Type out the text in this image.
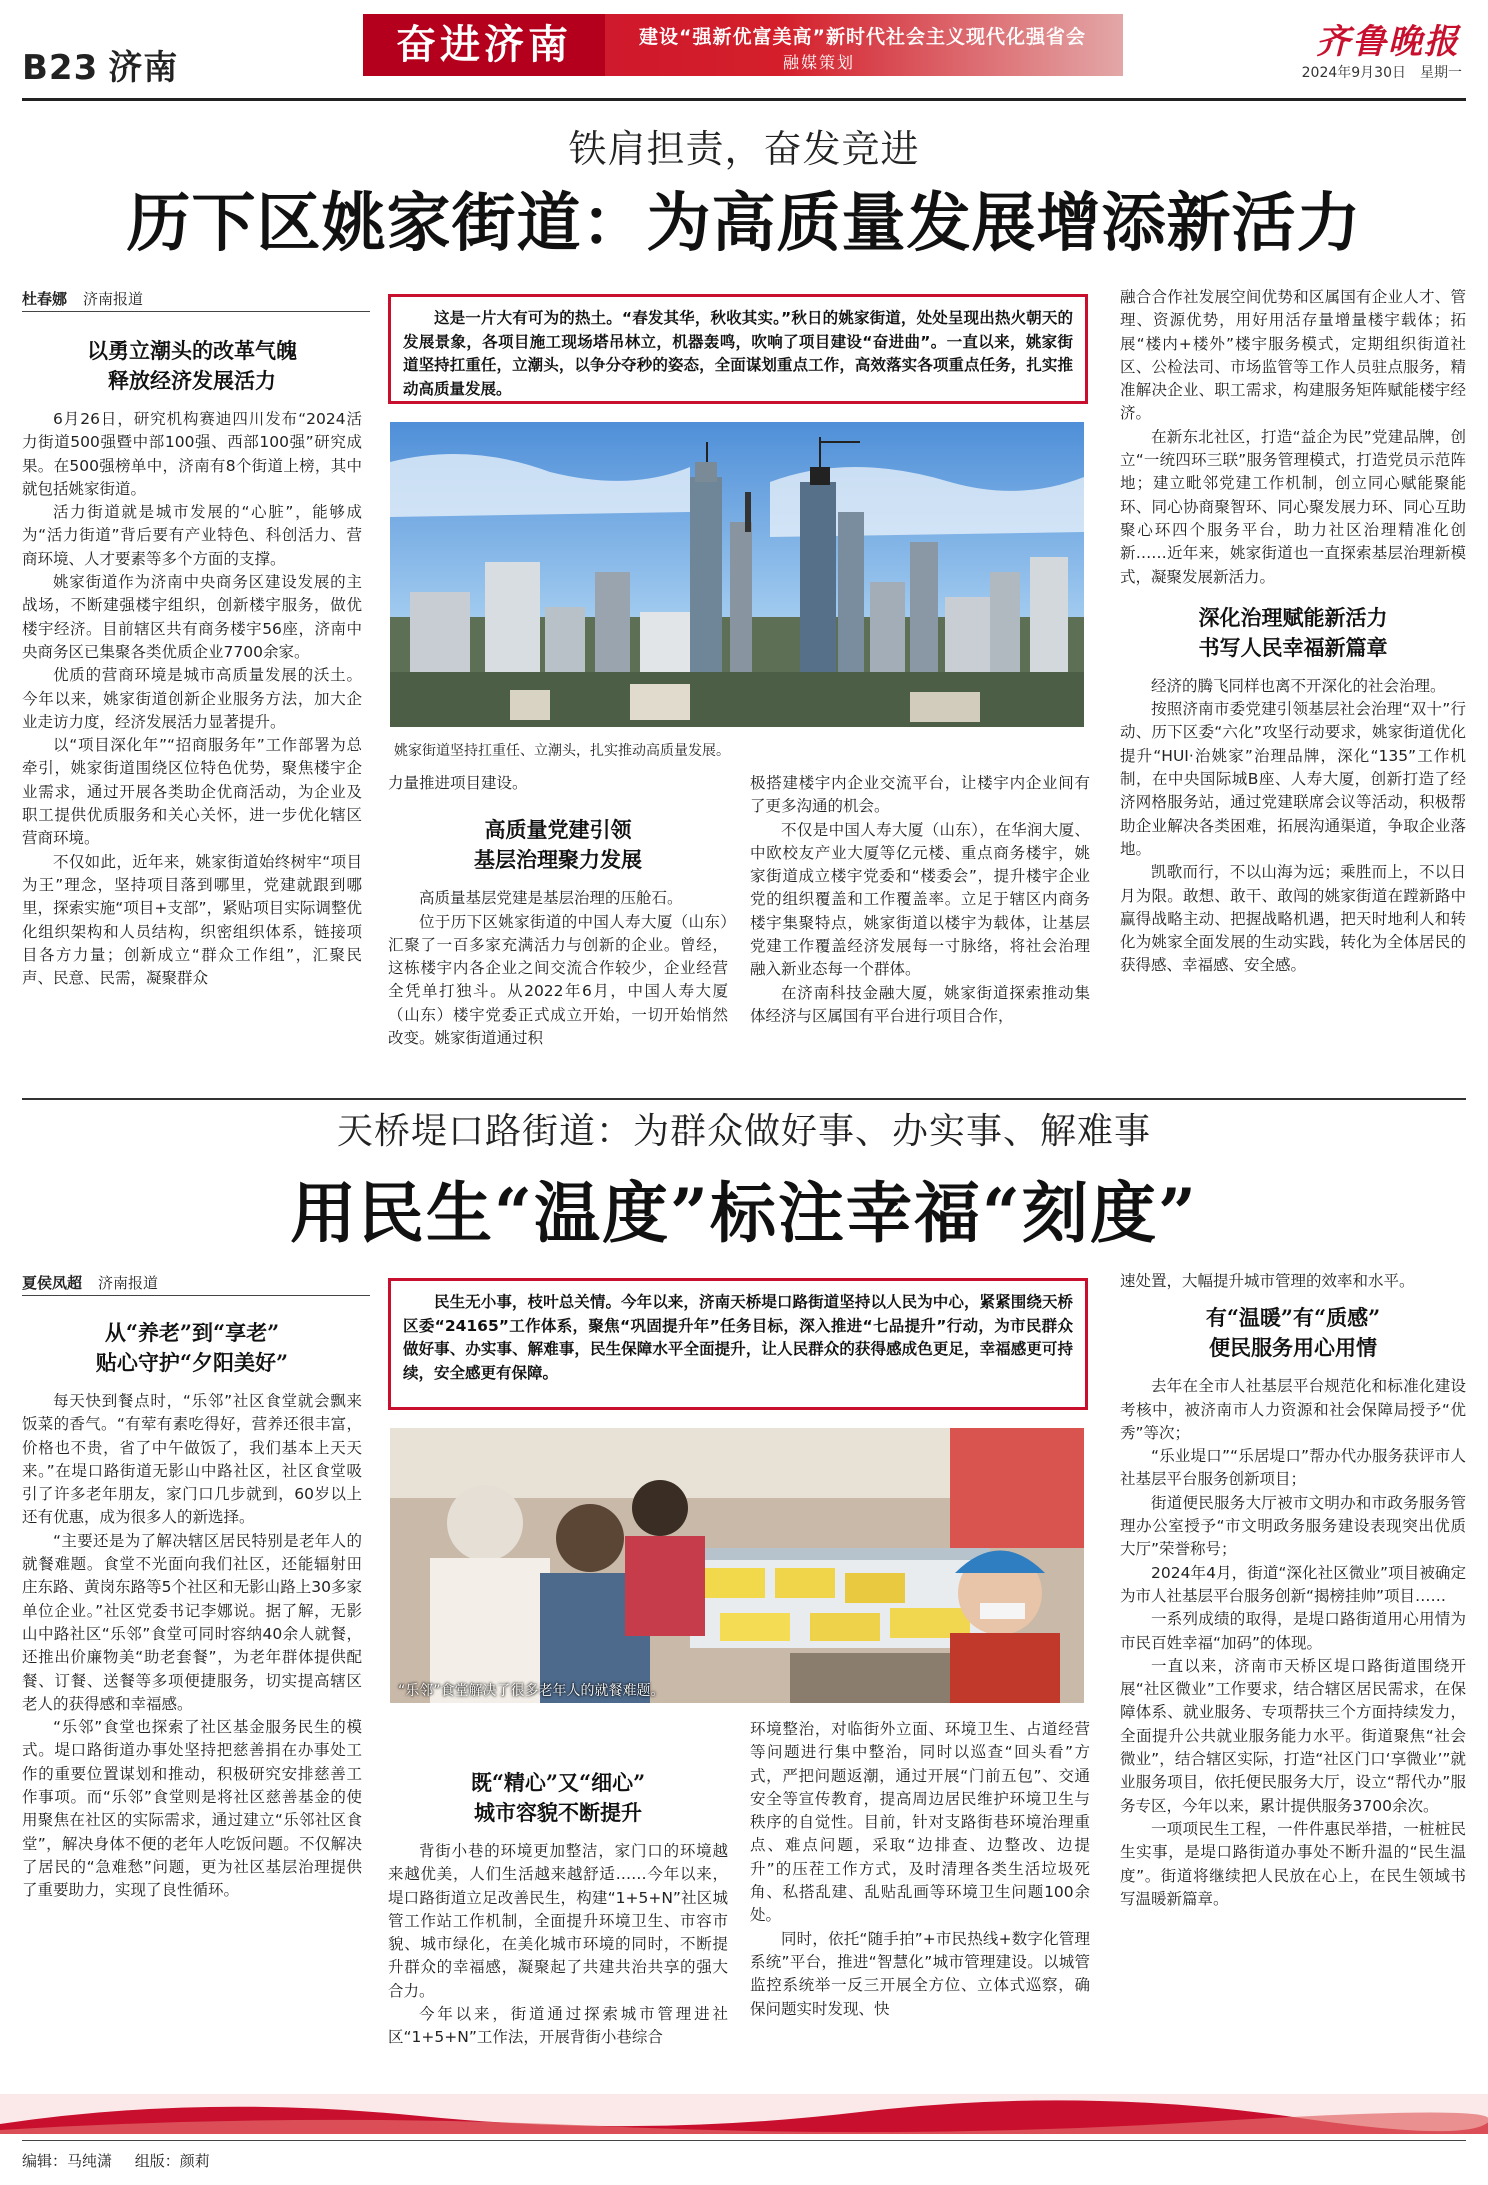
B23 济南	奋进济南	建设“强新优富美高”新时代社会主义现代化强省会
融媒策划
齐鲁晚报
2024年9月30日 星期一
铁肩担责，奋发竞进
历下区姚家街道：为高质量发展增添新活力
杜春娜 济南报道
以勇立潮头的改革气魄
释放经济发展活力

6月26日，研究机构赛迪四川发布“2024活力街道500强暨中部100强、西部100强”研究成果。在500强榜单中，济南有8个街道上榜，其中就包括姚家街道。

活力街道就是城市发展的“心脏”，能够成为“活力街道”背后要有产业特色、科创活力、营商环境、人才要素等多个方面的支撑。

姚家街道作为济南中央商务区建设发展的主战场，不断建强楼宇组织，创新楼宇服务，做优楼宇经济。目前辖区共有商务楼宇56座，济南中央商务区已集聚各类优质企业7700余家。

优质的营商环境是城市高质量发展的沃土。今年以来，姚家街道创新企业服务方法，加大企业走访力度，经济发展活力显著提升。

以“项目深化年”“招商服务年”工作部署为总牵引，姚家街道围绕区位特色优势，聚焦楼宇企业需求，通过开展各类助企优商活动，为企业及职工提供优质服务和关心关怀，进一步优化辖区营商环境。

不仅如此，近年来，姚家街道始终树牢“项目为王”理念，坚持项目落到哪里，党建就跟到哪里，探索实施“项目+支部”，紧贴项目实际调整优化组织架构和人员结构，织密组织体系，链接项目各方力量；创新成立“群众工作组”，汇聚民声、民意、民需，凝聚群众

这是一片大有可为的热土。“春发其华，秋收其实。”秋日的姚家街道，处处呈现出热火朝天的发展景象，各项目施工现场塔吊林立，机器轰鸣，吹响了项目建设“奋进曲”。一直以来，姚家街道坚持扛重任，立潮头，以争分夺秒的姿态，全面谋划重点工作，高效落实各项重点任务，扎实推动高质量发展。

姚家街道坚持扛重任、立潮头，扎实推动高质量发展。

力量推进项目建设。

高质量党建引领
基层治理聚力发展

高质量基层党建是基层治理的压舱石。

位于历下区姚家街道的中国人寿大厦（山东）汇聚了一百多家充满活力与创新的企业。曾经，这栋楼宇内各企业之间交流合作较少，企业经营全凭单打独斗。从2022年6月，中国人寿大厦（山东）楼宇党委正式成立开始，一切开始悄然改变。姚家街道通过积

极搭建楼宇内企业交流平台，让楼宇内企业间有了更多沟通的机会。

不仅是中国人寿大厦（山东），在华润大厦、中欧校友产业大厦等亿元楼、重点商务楼宇，姚家街道成立楼宇党委和“楼委会”，提升楼宇企业党的组织覆盖和工作覆盖率。立足于辖区内商务楼宇集聚特点，姚家街道以楼宇为载体，让基层党建工作覆盖经济发展每一寸脉络，将社会治理融入新业态每一个群体。

在济南科技金融大厦，姚家街道探索推动集体经济与区属国有平台进行项目合作，

融合合作社发展空间优势和区属国有企业人才、管理、资源优势，用好用活存量增量楼宇载体；拓展“楼内+楼外”楼宇服务模式，定期组织街道社区、公检法司、市场监管等工作人员驻点服务，精准解决企业、职工需求，构建服务矩阵赋能楼宇经济。

在新东北社区，打造“益企为民”党建品牌，创立“一统四环三联”服务管理模式，打造党员示范阵地；建立毗邻党建工作机制，创立同心赋能聚能环、同心协商聚智环、同心聚发展力环、同心互助聚心环四个服务平台，助力社区治理精准化创新……近年来，姚家街道也一直探索基层治理新模式，凝聚发展新活力。

深化治理赋能新活力
书写人民幸福新篇章

经济的腾飞同样也离不开深化的社会治理。

按照济南市委党建引领基层社会治理“双十”行动、历下区委“六化”攻坚行动要求，姚家街道优化提升“HUI·治姚家”治理品牌，深化“135”工作机制，在中央国际城B座、人寿大厦，创新打造了经济网格服务站，通过党建联席会议等活动，积极帮助企业解决各类困难，拓展沟通渠道，争取企业落地。

凯歌而行，不以山海为远；乘胜而上，不以日月为限。敢想、敢干、敢闯的姚家街道在蹚新路中赢得战略主动、把握战略机遇，把天时地利人和转化为姚家全面发展的生动实践，转化为全体居民的获得感、幸福感、安全感。

天桥堤口路街道：为群众做好事、办实事、解难事
用民生“温度”标注幸福“刻度”
夏侯凤超 济南报道
从“养老”到“享老”
贴心守护“夕阳美好”

每天快到餐点时，“乐邻”社区食堂就会飘来饭菜的香气。“有荤有素吃得好，营养还很丰富，价格也不贵，省了中午做饭了，我们基本上天天来。”在堤口路街道无影山中路社区，社区食堂吸引了许多老年朋友，家门口几步就到，60岁以上还有优惠，成为很多人的新选择。

“主要还是为了解决辖区居民特别是老年人的就餐难题。食堂不光面向我们社区，还能辐射田庄东路、黄岗东路等5个社区和无影山路上30多家单位企业。”社区党委书记李娜说。据了解，无影山中路社区“乐邻”食堂可同时容纳40余人就餐，还推出价廉物美“助老套餐”，为老年群体提供配餐、订餐、送餐等多项便捷服务，切实提高辖区老人的获得感和幸福感。

“乐邻”食堂也探索了社区基金服务民生的模式。堤口路街道办事处坚持把慈善捐在办事处工作的重要位置谋划和推动，积极研究安排慈善工作事项。而“乐邻”食堂则是将社区慈善基金的使用聚焦在社区的实际需求，通过建立“乐邻社区食堂”，解决身体不便的老年人吃饭问题。不仅解决了居民的“急难愁”问题，更为社区基层治理提供了重要助力，实现了良性循环。

民生无小事，枝叶总关情。今年以来，济南天桥堤口路街道坚持以人民为中心，紧紧围绕天桥区委“24165”工作体系，聚焦“巩固提升年”任务目标，深入推进“七品提升”行动，为市民群众做好事、办实事、解难事，民生保障水平全面提升，让人民群众的获得感成色更足，幸福感更可持续，安全感更有保障。

“乐邻”食堂解决了很多老年人的就餐难题。
既“精心”又“细心”
城市容貌不断提升

背街小巷的环境更加整洁，家门口的环境越来越优美，人们生活越来越舒适……今年以来，堤口路街道立足改善民生，构建“1+5+N”社区城管工作站工作机制，全面提升环境卫生、市容市貌、城市绿化，在美化城市环境的同时，不断提升群众的幸福感，凝聚起了共建共治共享的强大合力。

今年以来，街道通过探索城市管理进社区“1+5+N”工作法，开展背街小巷综合

环境整治，对临街外立面、环境卫生、占道经营等问题进行集中整治，同时以巡查“回头看”方式，严把问题返潮，通过开展“门前五包”、交通安全等宣传教育，提高周边居民维护环境卫生与秩序的自觉性。目前，针对支路街巷环境治理重点、难点问题，采取“边排查、边整改、边提升”的压茬工作方式，及时清理各类生活垃圾死角、私搭乱建、乱贴乱画等环境卫生问题100余处。

同时，依托“随手拍”+市民热线+数字化管理系统”平台，推进“智慧化”城市管理建设。以城管监控系统举一反三开展全方位、立体式巡察，确保问题实时发现、快

速处置，大幅提升城市管理的效率和水平。

有“温暖”有“质感”
便民服务用心用情

去年在全市人社基层平台规范化和标准化建设考核中，被济南市人力资源和社会保障局授予“优秀”等次；

“乐业堤口”“乐居堤口”帮办代办服务获评市人社基层平台服务创新项目；

街道便民服务大厅被市文明办和市政务服务管理办公室授予“市文明政务服务建设表现突出优质大厅”荣誉称号；

2024年4月，街道“深化社区微业”项目被确定为市人社基层平台服务创新“揭榜挂帅”项目……

一系列成绩的取得，是堤口路街道用心用情为市民百姓幸福“加码”的体现。

一直以来，济南市天桥区堤口路街道围绕开展“社区微业”工作要求，结合辖区居民需求，在保障体系、就业服务、专项帮扶三个方面持续发力，全面提升公共就业服务能力水平。街道聚焦“社会微业”，结合辖区实际，打造“社区门口‘享微业’”就业服务项目，依托便民服务大厅，设立“帮代办”服务专区，今年以来，累计提供服务3700余次。

一项项民生工程，一件件惠民举措，一桩桩民生实事，是堤口路街道办事处不断升温的“民生温度”。街道将继续把人民放在心上，在民生领域书写温暖新篇章。

编辑：马纯潇 组版：颜莉
